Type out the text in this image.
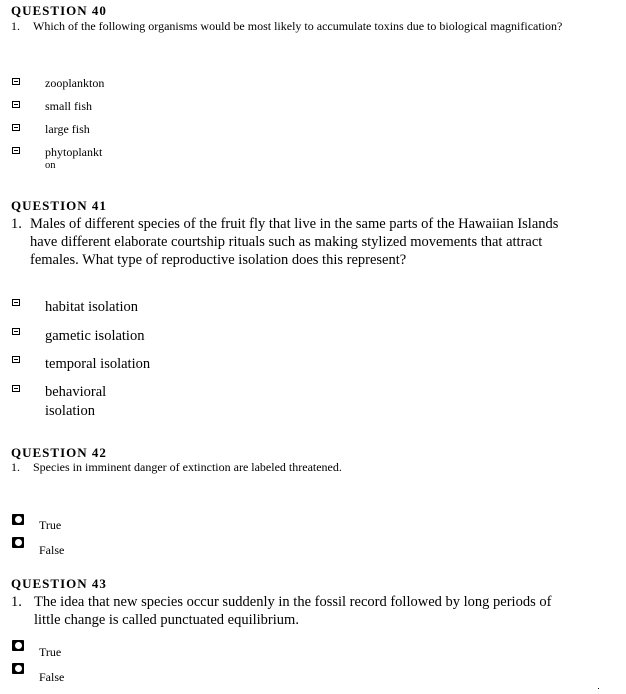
QUESTION 40
1. Which of the following organisms would be most likely to accumulate toxins due to biological magnification?
zooplankton
small fish
large fish
phytoplankt
on
QUESTION 41
1. Males of different species of the fruit fly that live in the same parts of the Hawaiian Islands
have different elaborate courtship rituals such as making stylized movements that attract
females. What type of reproductive isolation does this represent?
habitat isolation
gametic isolation
temporal isolation
behavioral
isolation
QUESTION 42
1. Species in imminent danger of extinction are labeled threatened.
True
False
QUESTION 43
1. The idea that new species occur suddenly in the fossil record followed by long periods of
little change is called punctuated equilibrium.
True
False
